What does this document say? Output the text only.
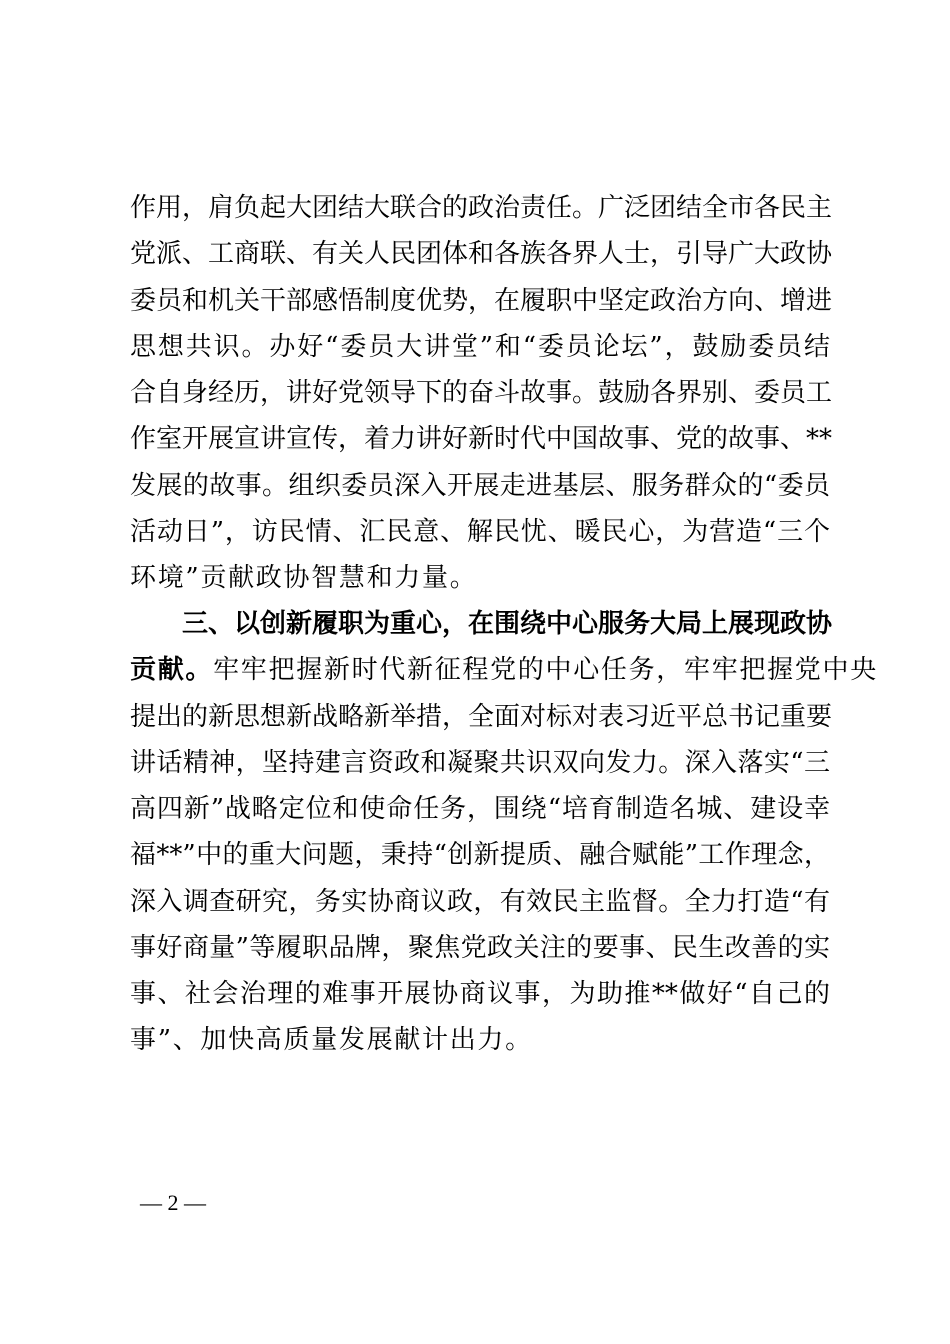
作用，肩负起大团结大联合的政治责任。广泛团结全市各民主
党派、工商联、有关人民团体和各族各界人士，引导广大政协
委员和机关干部感悟制度优势，在履职中坚定政治方向、增进
思想共识。办好“委员大讲堂”和“委员论坛”，鼓励委员结
合自身经历，讲好党领导下的奋斗故事。鼓励各界别、委员工
作室开展宣讲宣传，着力讲好新时代中国故事、党的故事、**
发展的故事。组织委员深入开展走进基层、服务群众的“委员
活动日”，访民情、汇民意、解民忧、暖民心，为营造“三个
环境”贡献政协智慧和力量。
三、以创新履职为重心，在围绕中心服务大局上展现政协
贡献。牢牢把握新时代新征程党的中心任务，牢牢把握党中央
提出的新思想新战略新举措，全面对标对表习近平总书记重要
讲话精神，坚持建言资政和凝聚共识双向发力。深入落实“三
高四新”战略定位和使命任务，围绕“培育制造名城、建设幸
福**”中的重大问题，秉持“创新提质、融合赋能”工作理念，
深入调查研究，务实协商议政，有效民主监督。全力打造“有
事好商量”等履职品牌，聚焦党政关注的要事、民生改善的实
事、社会治理的难事开展协商议事，为助推**做好“自己的
事”、加快高质量发展献计出力。
— 2 —
